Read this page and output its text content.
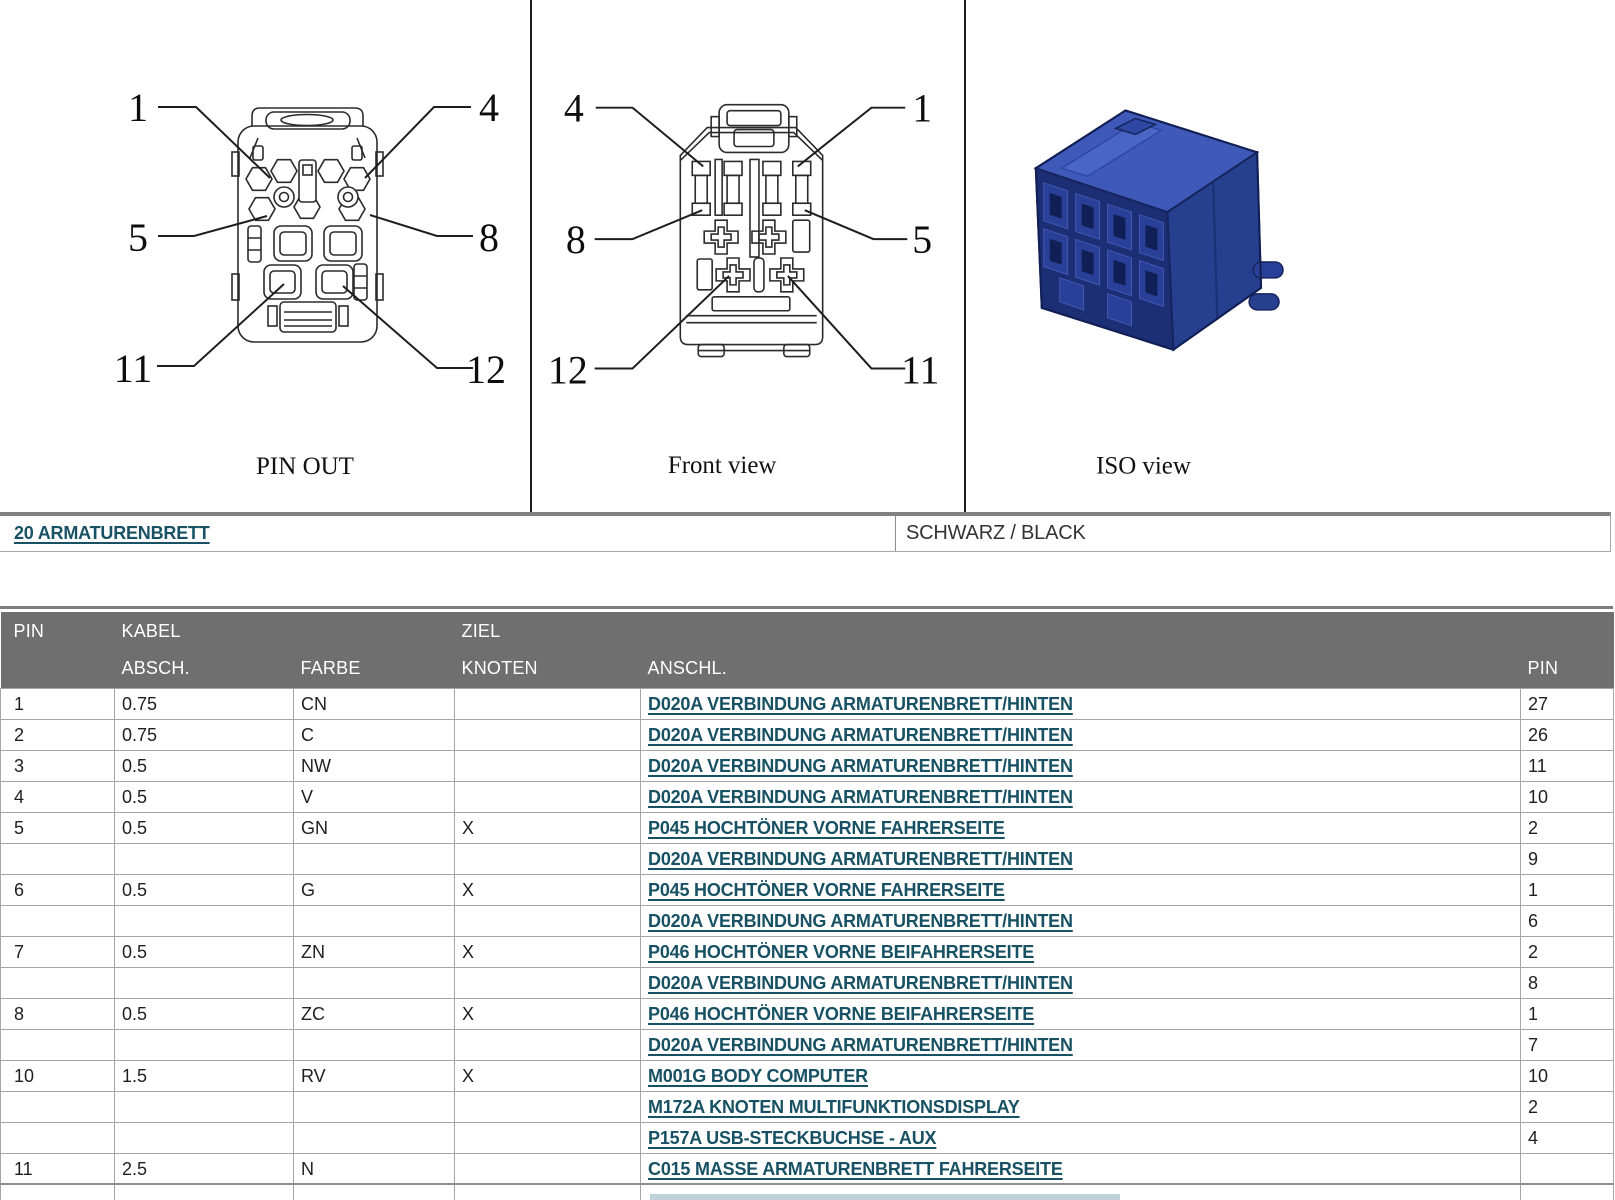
1	4
5	8
11	12
PIN OUT
4	1
8	5
12	11
Front view	ISO view
20 ARMATURENBRETT	SCHWARZ / BLACK
PIN	KABEL		ZIEL		
	ABSCH.	FARBE	KNOTEN	ANSCHL.	PIN
1	0.75	CN		D020A VERBINDUNG ARMATURENBRETT/HINTEN	27
2	0.75	C		D020A VERBINDUNG ARMATURENBRETT/HINTEN	26
3	0.5	NW		D020A VERBINDUNG ARMATURENBRETT/HINTEN	11
4	0.5	V		D020A VERBINDUNG ARMATURENBRETT/HINTEN	10
5	0.5	GN	X	P045 HOCHTÖNER VORNE FAHRERSEITE	2
				D020A VERBINDUNG ARMATURENBRETT/HINTEN	9
6	0.5	G	X	P045 HOCHTÖNER VORNE FAHRERSEITE	1
				D020A VERBINDUNG ARMATURENBRETT/HINTEN	6
7	0.5	ZN	X	P046 HOCHTÖNER VORNE BEIFAHRERSEITE	2
				D020A VERBINDUNG ARMATURENBRETT/HINTEN	8
8	0.5	ZC	X	P046 HOCHTÖNER VORNE BEIFAHRERSEITE	1
				D020A VERBINDUNG ARMATURENBRETT/HINTEN	7
10	1.5	RV	X	M001G BODY COMPUTER	10
				M172A KNOTEN MULTIFUNKTIONSDISPLAY	2
				P157A USB-STECKBUCHSE - AUX	4
11	2.5	N		C015 MASSE ARMATURENBRETT FAHRERSEITE	
